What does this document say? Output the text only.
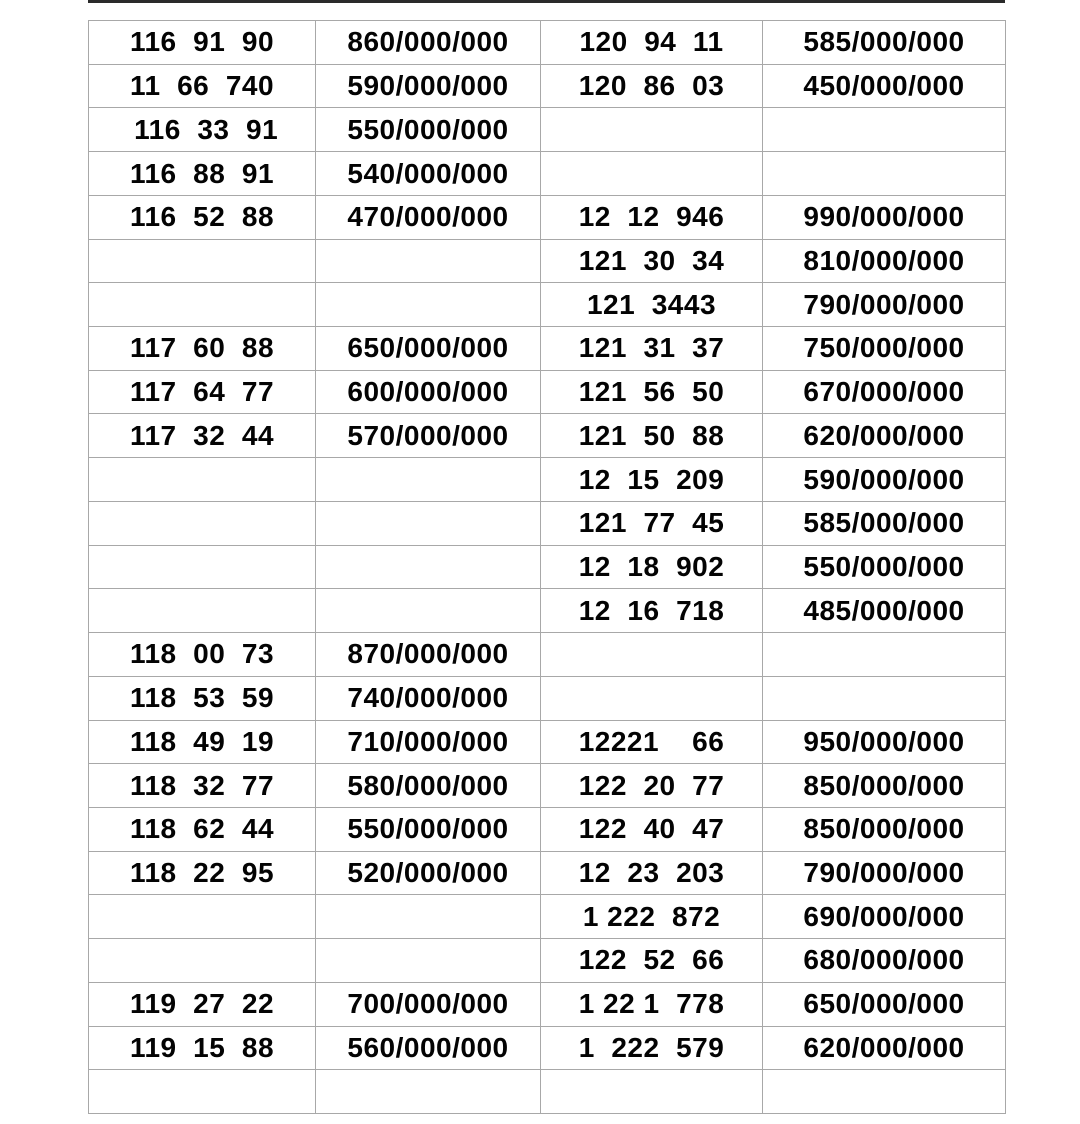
116  91  90	860/000/000	120  94  11	585/000/000
11  66  740	590/000/000	120  86  03	450/000/000
116  33  91	550/000/000		
116  88  91	540/000/000		
116  52  88	470/000/000	12  12  946	990/000/000
		121  30  34	810/000/000
		121  3443	790/000/000
117  60  88	650/000/000	121  31  37	750/000/000
117  64  77	600/000/000	121  56  50	670/000/000
117  32  44	570/000/000	121  50  88	620/000/000
		12  15  209	590/000/000
		121  77  45	585/000/000
		12  18  902	550/000/000
		12  16  718	485/000/000
118  00  73	870/000/000		
118  53  59	740/000/000		
118  49  19	710/000/000	12221    66	950/000/000
118  32  77	580/000/000	122  20  77	850/000/000
118  62  44	550/000/000	122  40  47	850/000/000
118  22  95	520/000/000	12  23  203	790/000/000
		1 222  872	690/000/000
		122  52  66	680/000/000
119  27  22	700/000/000	1 22 1  778	650/000/000
119  15  88	560/000/000	1  222  579	620/000/000
